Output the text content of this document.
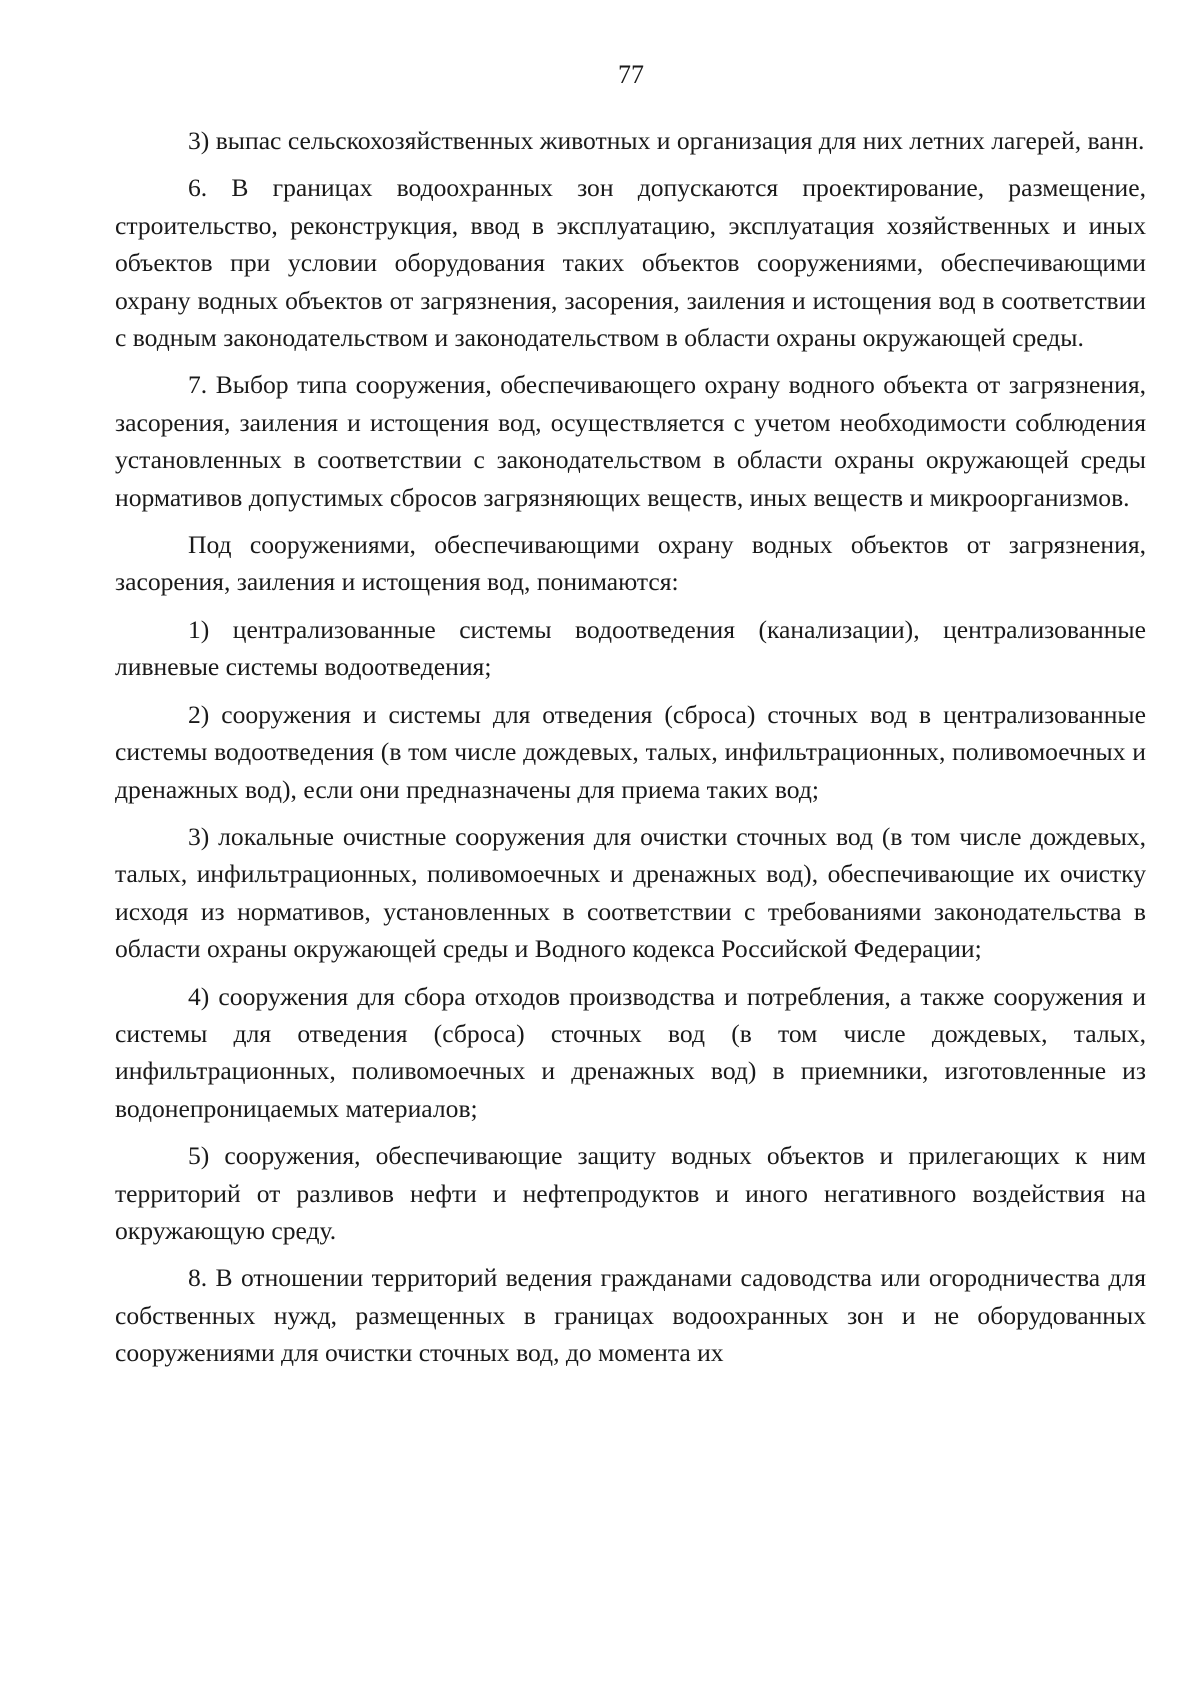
77

3) выпас сельскохозяйственных животных и организация для них летних лагерей, ванн.

6. В границах водоохранных зон допускаются проектирование, размещение, строительство, реконструкция, ввод в эксплуатацию, эксплуатация хозяйственных и иных объектов при условии оборудования таких объектов сооружениями, обеспечивающими охрану водных объектов от загрязнения, засорения, заиления и истощения вод в соответствии с водным законодательством и законодательством в области охраны окружающей среды.

7. Выбор типа сооружения, обеспечивающего охрану водного объекта от загрязнения, засорения, заиления и истощения вод, осуществляется с учетом необходимости соблюдения установленных в соответствии с законодательством в области охраны окружающей среды нормативов допустимых сбросов загрязняющих веществ, иных веществ и микроорганизмов.

Под сооружениями, обеспечивающими охрану водных объектов от загрязнения, засорения, заиления и истощения вод, понимаются:

1) централизованные системы водоотведения (канализации), централизованные ливневые системы водоотведения;

2) сооружения и системы для отведения (сброса) сточных вод в централизованные системы водоотведения (в том числе дождевых, талых, инфильтрационных, поливомоечных и дренажных вод), если они предназначены для приема таких вод;

3) локальные очистные сооружения для очистки сточных вод (в том числе дождевых, талых, инфильтрационных, поливомоечных и дренажных вод), обеспечивающие их очистку исходя из нормативов, установленных в соответствии с требованиями законодательства в области охраны окружающей среды и Водного кодекса Российской Федерации;

4) сооружения для сбора отходов производства и потребления, а также сооружения и системы для отведения (сброса) сточных вод (в том числе дождевых, талых, инфильтрационных, поливомоечных и дренажных вод) в приемники, изготовленные из водонепроницаемых материалов;

5) сооружения, обеспечивающие защиту водных объектов и прилегающих к ним территорий от разливов нефти и нефтепродуктов и иного негативного воздействия на окружающую среду.

8. В отношении территорий ведения гражданами садоводства или огородничества для собственных нужд, размещенных в границах водоохранных зон и не оборудованных сооружениями для очистки сточных вод, до момента их
